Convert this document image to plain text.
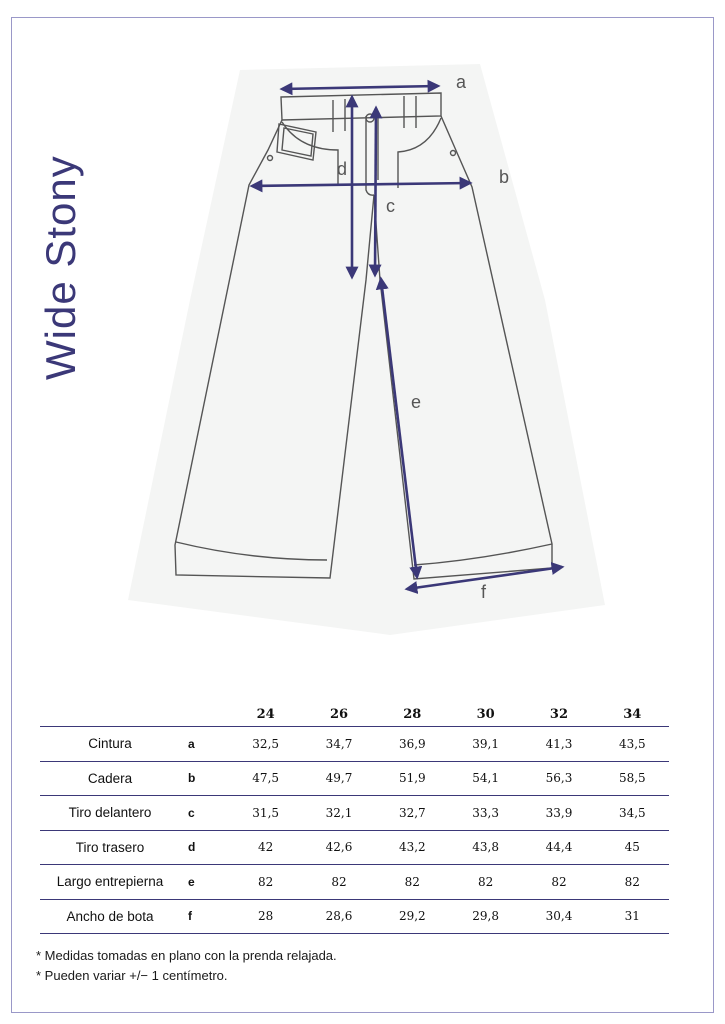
Wide Stony
a
b
c
d
e
f
		24	26	28	30	32	34
Cintura	a	32,5	34,7	36,9	39,1	41,3	43,5
Cadera	b	47,5	49,7	51,9	54,1	56,3	58,5
Tiro delantero	c	31,5	32,1	32,7	33,3	33,9	34,5
Tiro trasero	d	42	42,6	43,2	43,8	44,4	45
Largo entrepierna	e	82	82	82	82	82	82
Ancho de bota	f	28	28,6	29,2	29,8	30,4	31
* Medidas tomadas en plano con la prenda relajada.
* Pueden variar +/− 1 centímetro.
